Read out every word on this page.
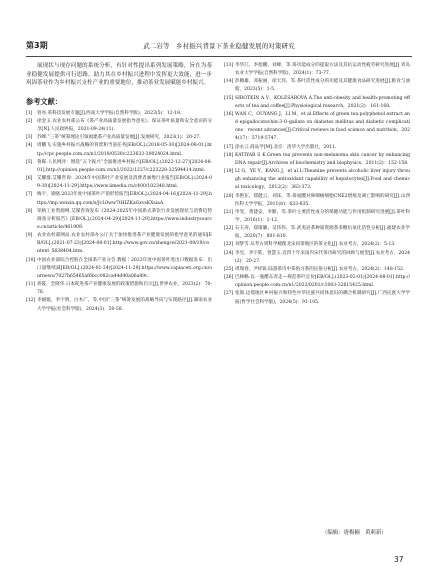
第3期	武二岩等　乡村振兴背景下茶业稳健发展的对策研究

展现状与现存问题的系统分析，有针对性提出系列发展策略，旨在为茶业稳健发展提供可行思路，助力其在乡村振兴进程中发挥更大效能，进一步巩固茶业作为乡村振兴支柱产业的重要地位，推动茶业发展赋能乡村振兴。

参考文献：
[1] 曾亮.茶科技发展专题[J].西南大学学报(自然科学版)，2023(5)：12-18.
[2] 徐金玉.农业农村部公布《茶产业高质量发展指导意见》，保证茶叶质量和安全意识的分享[N].人民政协报，2021-09-24(11).
[3] 苏峰.“三茶”统筹理论引领福建茶产业高质量发展[J].发展研究，2023(1)：20-27.
[4] 周鹏飞.实施乡村振兴战略的背景和当前任务[EB/OL].(2018-05-30)[2024-08-01].http://cpc.people.com.cn/n1/2018/0530/c223633-30024024.html.
[5] 鲁晖.人民网评：围绕“五个振兴”全面推进乡村振兴[EB/OL].(2022-12-27)[2024-08-01].http://opinion.people.com.cn/n1/2022/1227/c223228-32594414.html.
[6] 艾耀群.艾耀咨询：2024年中国茶叶产业发展及消费者画像行业报告[EB/OL].(2024-09-30)[2024-11-29].https://www.iimedia.cn/c400/102348.html.
[7] 梅宇，梁晓.2023年度中国茶叶产销形势报告[EB/OL].(2024-04-16)[2024-11-29].https://mp.weixin.qq.com/s/JcL0ww7tHIZKaGxvsKXsiaA.
[8] 荣格工业资源网.艾媒咨询发布《2024-2025年中国新式茶饮行业发展现状与消费趋势调查分析报告》[EB/OL].(2024-04-29)[2024-11-29].https://www.industrysource.cn/article/461909.
[9] 农业农村部网站.农业农村部办公厅关于加快推进茶产业健康发展的指导意见的通知[EB/OL].(2021-07-23)[2024-08-01].http://www.gov.cn/zhengce/2021-09/19/content_5638404.htm.
[10] 中国农业部综合控股在全国茶产业分会.数据｜2023年度中国茶叶进出口数据发布：出口量继续减[EB/OL].(2024-01-24)[2024-11-29].https://www.capiaceti.org.cn/ournews/7027b65465af6bcc082ca44d40a06a89c.
[11] 蒋筱，全晓华.日本促进茶产业健康发展的政策措施和启示[J].世界农业，2023(2)：70-76.
[12] 李媛媛，李宇明，白木广，等.中国“三茶”统筹发展的战略导向与实现路径[J].湖南农业大学学报(社会科学版)，2024(3)：50-58.
[13] 李华江，李旭鹏，刘峰，等.茶功能成分的提取方法及其抗运动性疲劳研究进展[J].青岛农业大学学报(自然科学版)，2024(1)：73-77.
[14] 彭腾雄，邓振丽，徐天玮，等.茶叶活性成分的功能及其健康食品研究进展[J].粮食与油脂，2023(5)：1-5.
[15] SIROTKIN A V，KOLESÁROVÁ A.The anti-obesity and health-promoting effects of tea and coffee[J].Physiological research，2021(2)：161-168.
[16] WAN C，OUYANG J，LI M，et al.Effects of green tea polyphenol extract and epigallocatechin-3-O-gallate on diabetes mellitus and diabetic complications：recent advances[J].Critical reviews in food science and nutrition，2024(17)：5719-5747.
[17] 徐永云.商品学[M].北京：清华大学出版社，2011.
[18] KATIYAR S K.Green tea prevents non-melanoma skin cancer by enhancing DNA repair[J].Archives of biochemistry and biophysics，2011(2)：152-158.
[19] LI G，YE Y，KANG J，et al.L-Theanine prevents alcoholic liver injury through enhancing the antioxidant capability of hepatocytes[J].Food and chemical toxicology，2012(2)：363-372.
[20] 李艳东，郑健云，刘沫，等.茶氨酸对鼻咽癌细胞CNE2增殖及凋亡影响的研究[J].山西医科大学学报，2011(8)：633-635.
[21] 申雯，黄建安，李勤，等.茶叶主要活性成分的保健功能与作用机制研究进展[J].茶叶科学，2016(1)：1-12.
[22] 石玉涛，郑康璐，吴伟伟，等.武夷岩茶种质资源茶多糖抗氧化活性分析[J].福建农业学报，2020(7)：801-810.
[23] 刘梦雪.从考古到科学梳理北宋同茶地区的茶文化[J].农业考古，2024(2)：5-13.
[24] 李昱，李宇皓，曾慧玉.近四十年来国内宋代茶诗研究的回顾与展望[J].农业考古，2024(2)：20-27.
[25] 周瑞春，尹梓锐.陆游茶诗中茶俗习茶的民俗分析[J].农业考古，2024(2)：148-152.
[26] 巴林略.以一瓶醋东奔走—规范茶叶定价[EB/OL].(2023-02-01)[2024-08-01].http://opinion.people.com.cn/n1/2023/0201/c1003-32615425.html.
[27] 张锦.边境地区乡村振兴和特色中华民族共同体意识的耦合机制研究[J].广西民族大学学报(哲学社会科学版)，2024(5)：91-105.
（编辑：唐梅楠　黄莉新）
37
